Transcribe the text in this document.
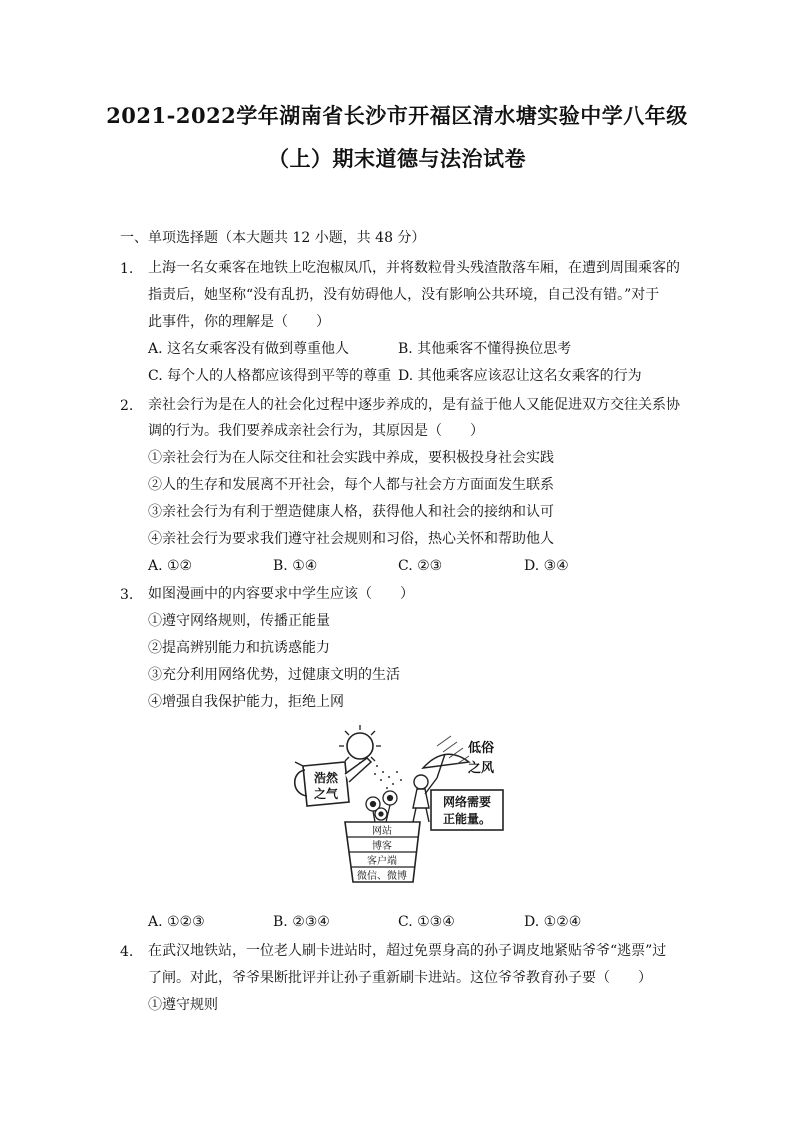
2021-2022学年湖南省长沙市开福区清水塘实验中学八年级
（上）期末道德与法治试卷
一、单项选择题（本大题共 12 小题，共 48 分）
1. 上海一名女乘客在地铁上吃泡椒凤爪，并将数粒骨头残渣散落车厢，在遭到周围乘客的
指责后，她坚称“没有乱扔，没有妨碍他人，没有影响公共环境，自己没有错。”对于
此事件，你的理解是（　　）
A. 这名女乘客没有做到尊重他人	B. 其他乘客不懂得换位思考
C. 每个人的人格都应该得到平等的尊重 D. 其他乘客应该忍让这名女乘客的行为
2. 亲社会行为是在人的社会化过程中逐步养成的，是有益于他人又能促进双方交往关系协
调的行为。我们要养成亲社会行为，其原因是（　　）
①亲社会行为在人际交往和社会实践中养成，要积极投身社会实践
②人的生存和发展离不开社会，每个人都与社会方方面面发生联系
③亲社会行为有利于塑造健康人格，获得他人和社会的接纳和认可
④亲社会行为要求我们遵守社会规则和习俗，热心关怀和帮助他人
A. ①②	B. ①④	C. ②③	D. ③④
3. 如图漫画中的内容要求中学生应该（　　）
①遵守网络规则，传播正能量
②提高辨别能力和抗诱惑能力
③充分利用网络优势，过健康文明的生活
④增强自我保护能力，拒绝上网
浩然
之气
网站
博客
客户端
微信、微博
低俗
之风
网络需要
正能量。
A. ①②③	B. ②③④	C. ①③④	D. ①②④
4. 在武汉地铁站，一位老人刷卡进站时，超过免票身高的孙子调皮地紧贴爷爷“逃票”过
了闸。对此，爷爷果断批评并让孙子重新刷卡进站。这位爷爷教育孙子要（　　）
①遵守规则
